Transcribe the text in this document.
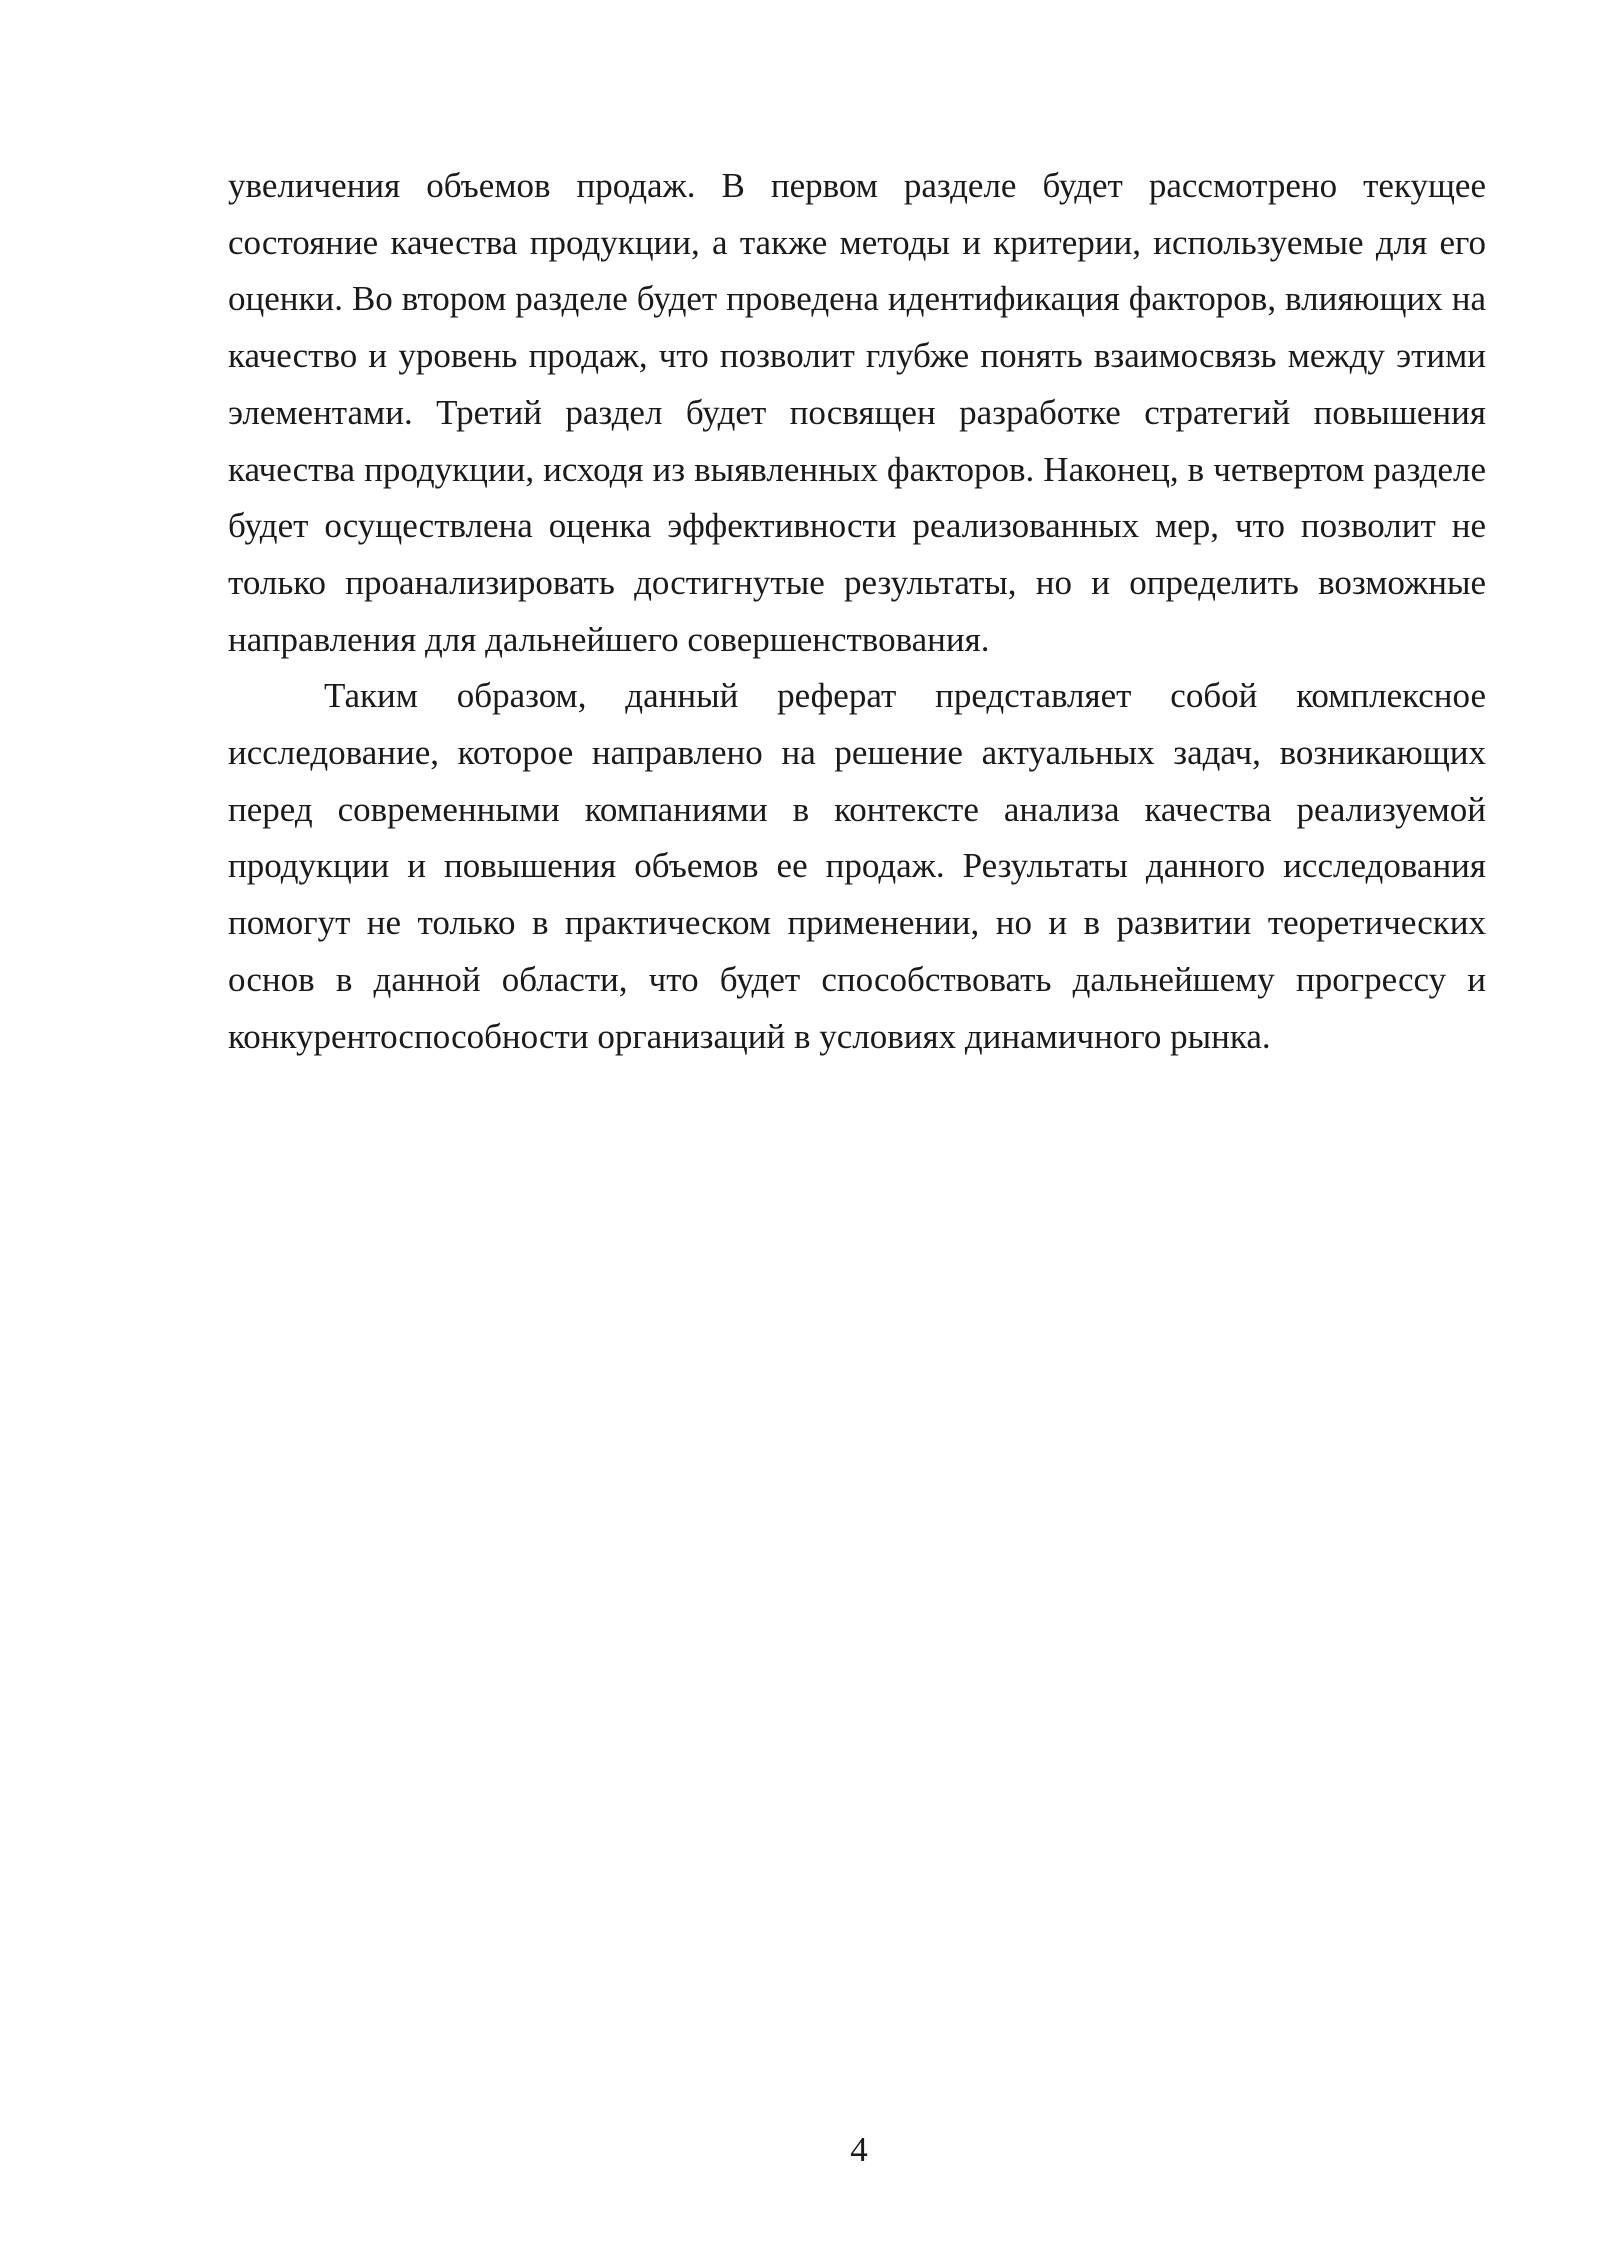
увеличения объемов продаж. В первом разделе будет рассмотрено текущее состояние качества продукции, а также методы и критерии, используемые для его оценки. Во втором разделе будет проведена идентификация факторов, влияющих на качество и уровень продаж, что позволит глубже понять взаимосвязь между этими элементами. Третий раздел будет посвящен разработке стратегий повышения качества продукции, исходя из выявленных факторов. Наконец, в четвертом разделе будет осуществлена оценка эффективности реализованных мер, что позволит не только проанализировать достигнутые результаты, но и определить возможные направления для дальнейшего совершенствования.

Таким образом, данный реферат представляет собой комплексное исследование, которое направлено на решение актуальных задач, возникающих перед современными компаниями в контексте анализа качества реализуемой продукции и повышения объемов ее продаж. Результаты данного исследования помогут не только в практическом применении, но и в развитии теоретических основ в данной области, что будет способствовать дальнейшему прогрессу и конкурентоспособности организаций в условиях динамичного рынка.

4
